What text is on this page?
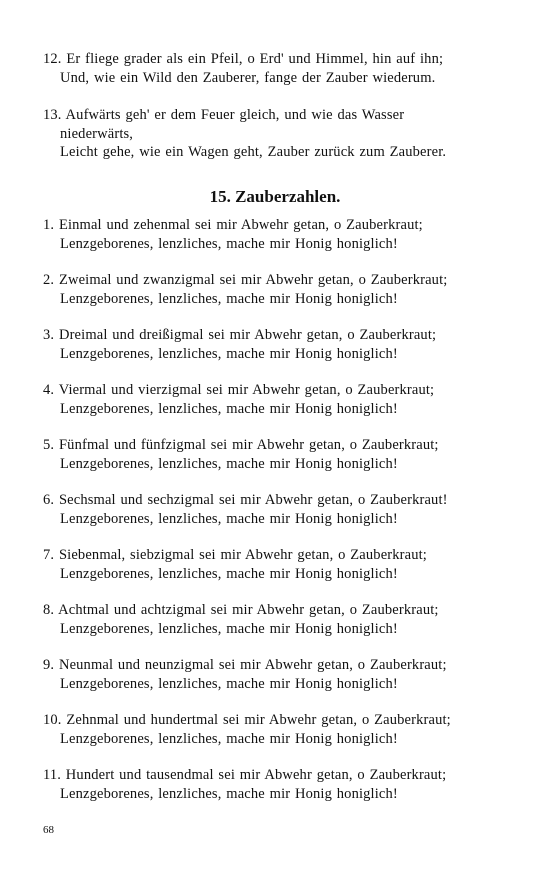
12. Er fliege grader als ein Pfeil, o Erd' und Himmel, hin auf ihn;
Und, wie ein Wild den Zauberer, fange der Zauber wiederum.
13. Aufwärts geh' er dem Feuer gleich, und wie das Wasser
niederwärts,
Leicht gehe, wie ein Wagen geht, Zauber zurück zum Zauberer.
15. Zauberzahlen.
1. Einmal und zehenmal sei mir Abwehr getan, o Zauberkraut;
Lenzgeborenes, lenzliches, mache mir Honig honiglich!
2. Zweimal und zwanzigmal sei mir Abwehr getan, o Zauberkraut;
Lenzgeborenes, lenzliches, mache mir Honig honiglich!
3. Dreimal und dreißigmal sei mir Abwehr getan, o Zauberkraut;
Lenzgeborenes, lenzliches, mache mir Honig honiglich!
4. Viermal und vierzigmal sei mir Abwehr getan, o Zauberkraut;
Lenzgeborenes, lenzliches, mache mir Honig honiglich!
5. Fünfmal und fünfzigmal sei mir Abwehr getan, o Zauberkraut;
Lenzgeborenes, lenzliches, mache mir Honig honiglich!
6. Sechsmal und sechzigmal sei mir Abwehr getan, o Zauberkraut!
Lenzgeborenes, lenzliches, mache mir Honig honiglich!
7. Siebenmal, siebzigmal sei mir Abwehr getan, o Zauberkraut;
Lenzgeborenes, lenzliches, mache mir Honig honiglich!
8. Achtmal und achtzigmal sei mir Abwehr getan, o Zauberkraut;
Lenzgeborenes, lenzliches, mache mir Honig honiglich!
9. Neunmal und neunzigmal sei mir Abwehr getan, o Zauberkraut;
Lenzgeborenes, lenzliches, mache mir Honig honiglich!
10. Zehnmal und hundertmal sei mir Abwehr getan, o Zauberkraut;
Lenzgeborenes, lenzliches, mache mir Honig honiglich!
11. Hundert und tausendmal sei mir Abwehr getan, o Zauberkraut;
Lenzgeborenes, lenzliches, mache mir Honig honiglich!
68
